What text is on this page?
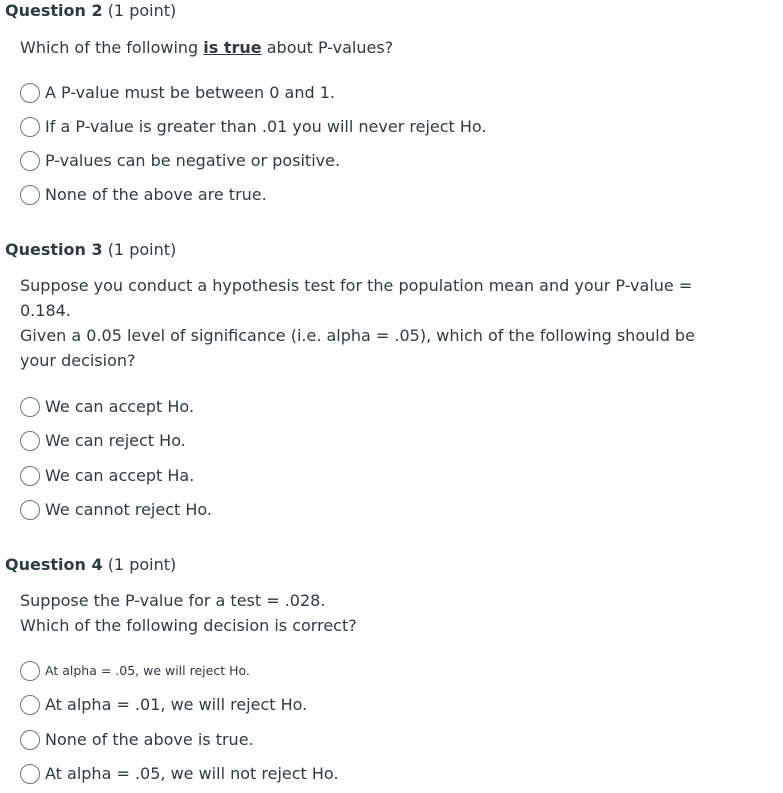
Question 2 (1 point)
Which of the following is true about P-values?
A P-value must be between 0 and 1.
If a P-value is greater than .01 you will never reject Ho.
P-values can be negative or positive.
None of the above are true.
Question 3 (1 point)
Suppose you conduct a hypothesis test for the population mean and your P-value =
0.184.
Given a 0.05 level of significance (i.e. alpha = .05), which of the following should be
your decision?
We can accept Ho.
We can reject Ho.
We can accept Ha.
We cannot reject Ho.
Question 4 (1 point)
Suppose the P-value for a test = .028.
Which of the following decision is correct?
At alpha = .05, we will reject Ho.
At alpha = .01, we will reject Ho.
None of the above is true.
At alpha = .05, we will not reject Ho.
